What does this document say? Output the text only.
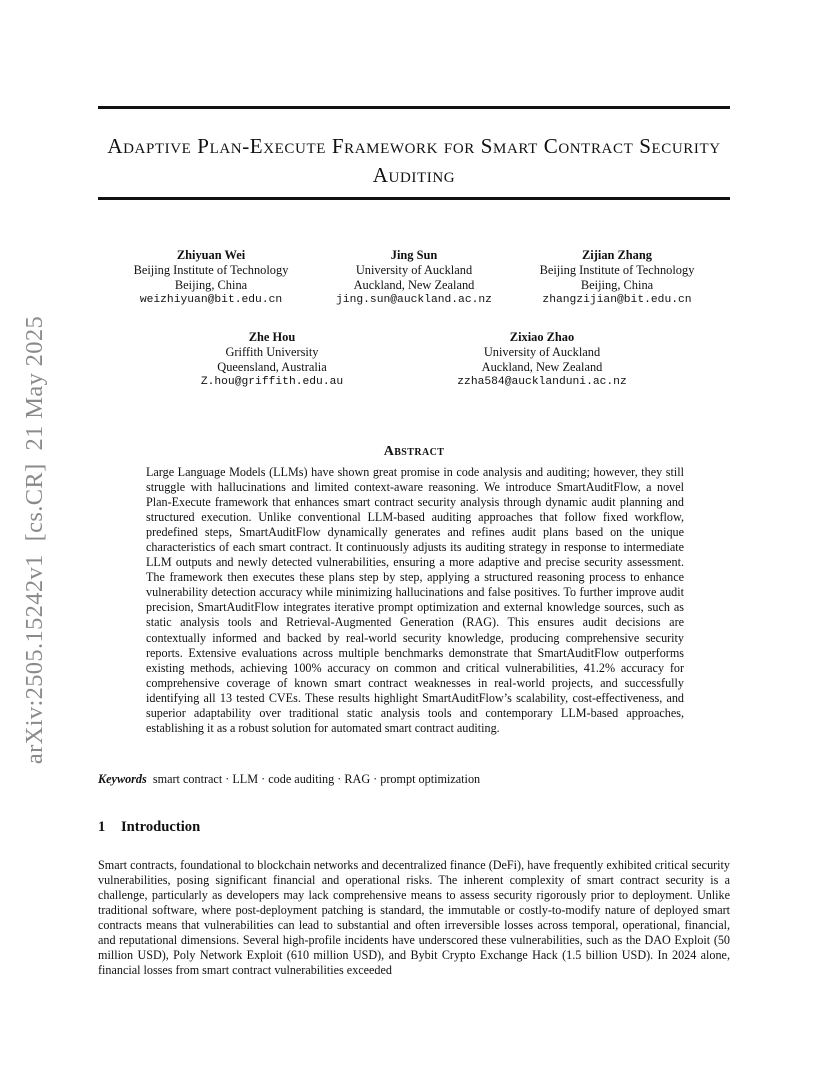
Adaptive Plan-Execute Framework for Smart Contract Security Auditing
Zhiyuan Wei
Beijing Institute of Technology
Beijing, China
weizhiyuan@bit.edu.cn
Jing Sun
University of Auckland
Auckland, New Zealand
jing.sun@auckland.ac.nz
Zijian Zhang
Beijing Institute of Technology
Beijing, China
zhangzijian@bit.edu.cn
Zhe Hou
Griffith University
Queensland, Australia
Z.hou@griffith.edu.au
Zixiao Zhao
University of Auckland
Auckland, New Zealand
zzha584@aucklanduni.ac.nz
Abstract
Large Language Models (LLMs) have shown great promise in code analysis and auditing; however, they still struggle with hallucinations and limited context-aware reasoning. We introduce SmartAuditFlow, a novel Plan-Execute framework that enhances smart contract security analysis through dynamic audit planning and structured execution. Unlike conventional LLM-based auditing approaches that follow fixed workflow, predefined steps, SmartAuditFlow dynamically generates and refines audit plans based on the unique characteristics of each smart contract. It continuously adjusts its auditing strategy in response to intermediate LLM outputs and newly detected vulnerabilities, ensuring a more adaptive and precise security assessment. The framework then executes these plans step by step, applying a structured reasoning process to enhance vulnerability detection accuracy while minimizing hallucinations and false positives. To further improve audit precision, SmartAuditFlow integrates iterative prompt optimization and external knowledge sources, such as static analysis tools and Retrieval-Augmented Generation (RAG). This ensures audit decisions are contextually informed and backed by real-world security knowledge, producing comprehensive security reports. Extensive evaluations across multiple benchmarks demonstrate that SmartAuditFlow outperforms existing methods, achieving 100% accuracy on common and critical vulnerabilities, 41.2% accuracy for comprehensive coverage of known smart contract weaknesses in real-world projects, and successfully identifying all 13 tested CVEs. These results highlight SmartAuditFlow’s scalability, cost-effectiveness, and superior adaptability over traditional static analysis tools and contemporary LLM-based approaches, establishing it as a robust solution for automated smart contract auditing.
Keywords smart contract · LLM · code auditing · RAG · prompt optimization
1 Introduction
Smart contracts, foundational to blockchain networks and decentralized finance (DeFi), have frequently exhibited critical security vulnerabilities, posing significant financial and operational risks. The inherent complexity of smart contract security is a challenge, particularly as developers may lack comprehensive means to assess security rigorously prior to deployment. Unlike traditional software, where post-deployment patching is standard, the immutable or costly-to-modify nature of deployed smart contracts means that vulnerabilities can lead to substantial and often irreversible losses across temporal, operational, financial, and reputational dimensions. Several high-profile incidents have underscored these vulnerabilities, such as the DAO Exploit (50 million USD), Poly Network Exploit (610 million USD), and Bybit Crypto Exchange Hack (1.5 billion USD). In 2024 alone, financial losses from smart contract vulnerabilities exceeded
arXiv:2505.15242v1  [cs.CR]  21 May 2025
